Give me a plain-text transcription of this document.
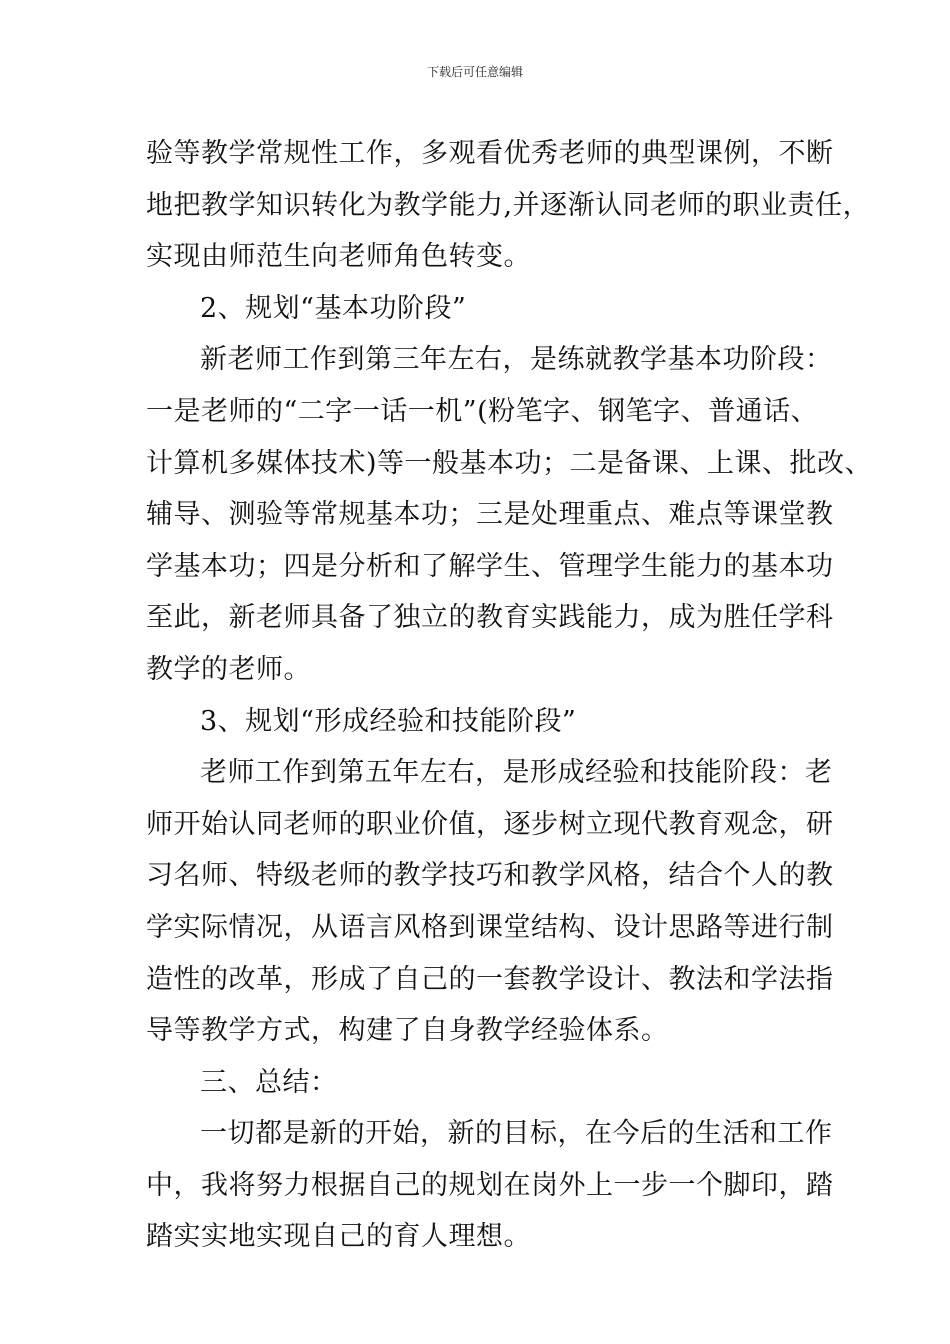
下载后可任意编辑
验等教学常规性工作，多观看优秀老师的典型课例，不断
地把教学知识转化为教学能力,并逐渐认同老师的职业责任，
实现由师范生向老师角色转变。
2、规划“基本功阶段”
新老师工作到第三年左右，是练就教学基本功阶段：
一是老师的“二字一话一机”(粉笔字、钢笔字、普通话、
计算机多媒体技术)等一般基本功；二是备课、上课、批改、
辅导、测验等常规基本功；三是处理重点、难点等课堂教
学基本功；四是分析和了解学生、管理学生能力的基本功
至此，新老师具备了独立的教育实践能力，成为胜任学科
教学的老师。
3、规划“形成经验和技能阶段”
老师工作到第五年左右，是形成经验和技能阶段：老
师开始认同老师的职业价值，逐步树立现代教育观念，研
习名师、特级老师的教学技巧和教学风格，结合个人的教
学实际情况，从语言风格到课堂结构、设计思路等进行制
造性的改革，形成了自己的一套教学设计、教法和学法指
导等教学方式，构建了自身教学经验体系。
三、总结：
一切都是新的开始，新的目标，在今后的生活和工作
中，我将努力根据自己的规划在岗外上一步一个脚印，踏
踏实实地实现自己的育人理想。
